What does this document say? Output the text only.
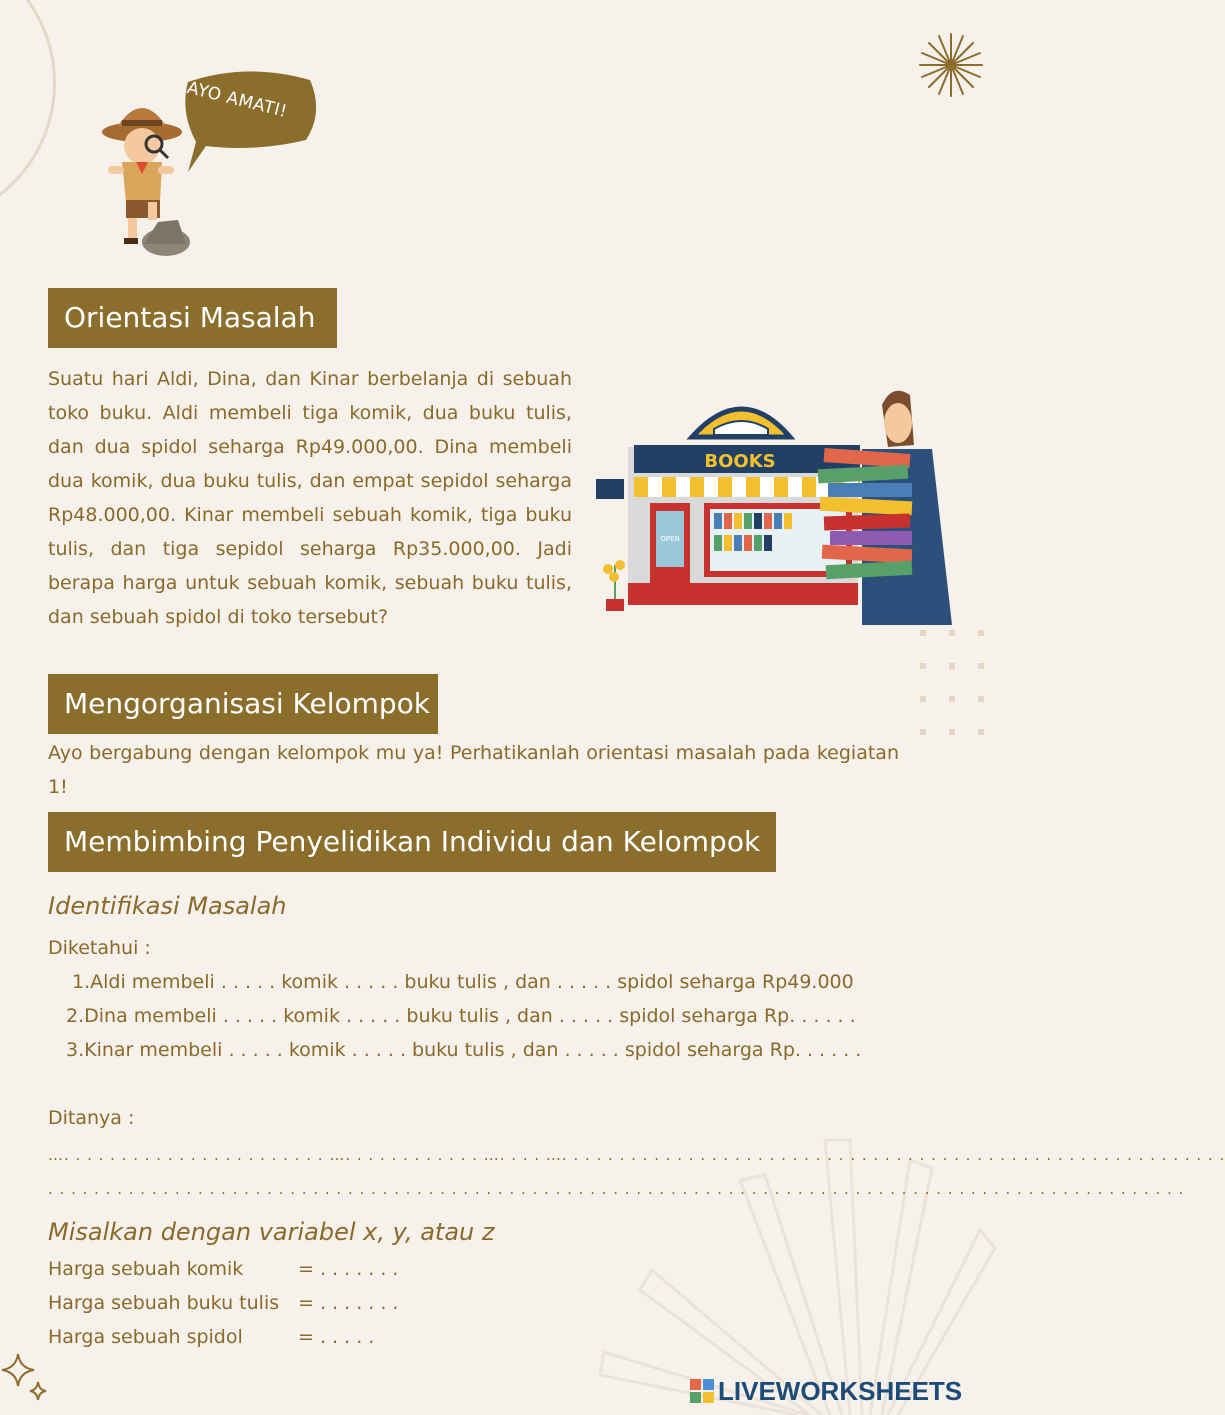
AYO AMATI!
Orientasi Masalah
Suatu hari Aldi, Dina, dan Kinar berbelanja di sebuah toko buku. Aldi membeli tiga komik, dua buku tulis, dan dua spidol seharga Rp49.000,00. Dina membeli dua komik, dua buku tulis, dan empat sepidol seharga Rp48.000,00. Kinar membeli sebuah komik, tiga buku tulis, dan tiga sepidol seharga Rp35.000,00. Jadi berapa harga untuk sebuah komik, sebuah buku tulis, dan sebuah spidol di toko tersebut?
BOOKS
OPEN
Mengorganisasi Kelompok
Ayo bergabung dengan kelompok mu ya! Perhatikanlah orientasi masalah pada kegiatan 1!
Membimbing Penyelidikan Individu dan Kelompok
Identifikasi Masalah
Diketahui :
1.Aldi membeli . . . . . komik . . . . . buku tulis , dan . . . . . spidol seharga Rp49.000
2.Dina membeli . . . . . komik . . . . . buku tulis , dan . . . . . spidol seharga Rp. . . . . .
3.Kinar membeli . . . . . komik . . . . . buku tulis , dan . . . . . spidol seharga Rp. . . . . .
Ditanya :
…. . . . . . . . . . . . . . . . . . . . . . . …. . . . . . . . . . . . …. . . . …. . . . . . . . . . . . . . . . . . . . . . . . . . . . . . . . . . . . . . . . . . . . . . . . . . . . . . . . . .
. . . . . . . . . . . . . . . . . . . . . . . . . . . . . . . . . . . . . . . . . . . . . . . . . . . . . . . . . . . . . . . . . . . . . . . . . . . . . . . . . . . . . . . . . . . . . . . . . . .
Misalkan dengan variabel x, y, atau z
Harga sebuah komik	= . . . . . . .
Harga sebuah buku tulis = . . . . . . .
Harga sebuah spidol	= . . . . .
LIVEWORKSHEETS
